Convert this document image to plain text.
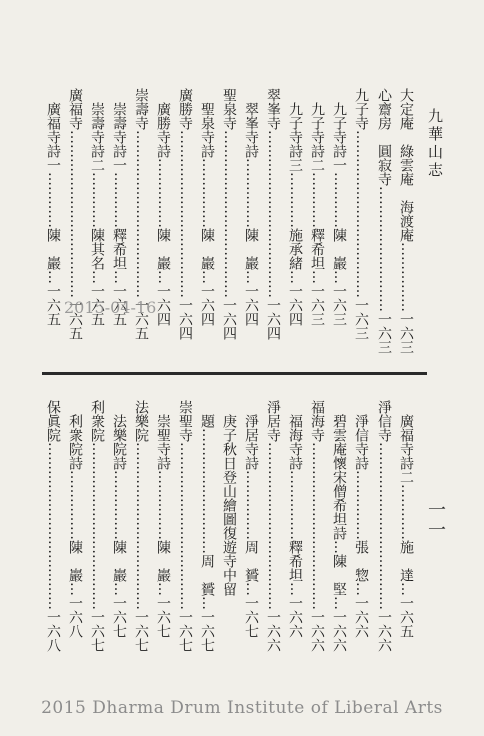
九華山志
大定庵　綠雲庵　海渡庵……………一六三
心齋房　圓寂寺………………………一六三
九子寺………………………………一六三
　九子寺詩一…………陳　巖…一六三
　九子寺詩二…………釋希坦…一六三
　九子寺詩三…………施承緒…一六四
翠峯寺………………………………一六四
　翠峯寺詩……………陳　巖…一六四
聖泉寺………………………………一六四
　聖泉寺詩……………陳　巖…一六四
廣勝寺………………………………一六四
　廣勝寺詩……………陳　巖…一六四
崇壽寺………………………………一六五
　崇壽寺詩一…………釋希坦…一六五
　崇壽寺詩二…………陳其名…一六五
廣福寺………………………………一六五
　廣福寺詩一…………陳　巖…一六五 2015-04-16
　廣福寺詩二…………施　達…一六五
淨信寺………………………………一六六
　淨信寺詩……………張　惣…一六六
　碧雲庵懷宋僧希坦詩…陳　堅…一六六
福海寺………………………………一六六
　福海寺詩……………釋希坦…一六六
淨居寺………………………………一六六
　淨居寺詩……………周　贇…一六七
　庚子秋日登山繪圖復遊寺中留
　題………………………周　贇…一六七
崇聖寺………………………………一六七
　崇聖寺詩……………陳　巖…一六七
法樂院………………………………一六七
　法樂院詩……………陳　巖…一六七
利衆院………………………………一六七
　利衆院詩……………陳　巖…一六八
保眞院………………………………一六八	一一
2015 Dharma Drum Institute of Liberal Arts
